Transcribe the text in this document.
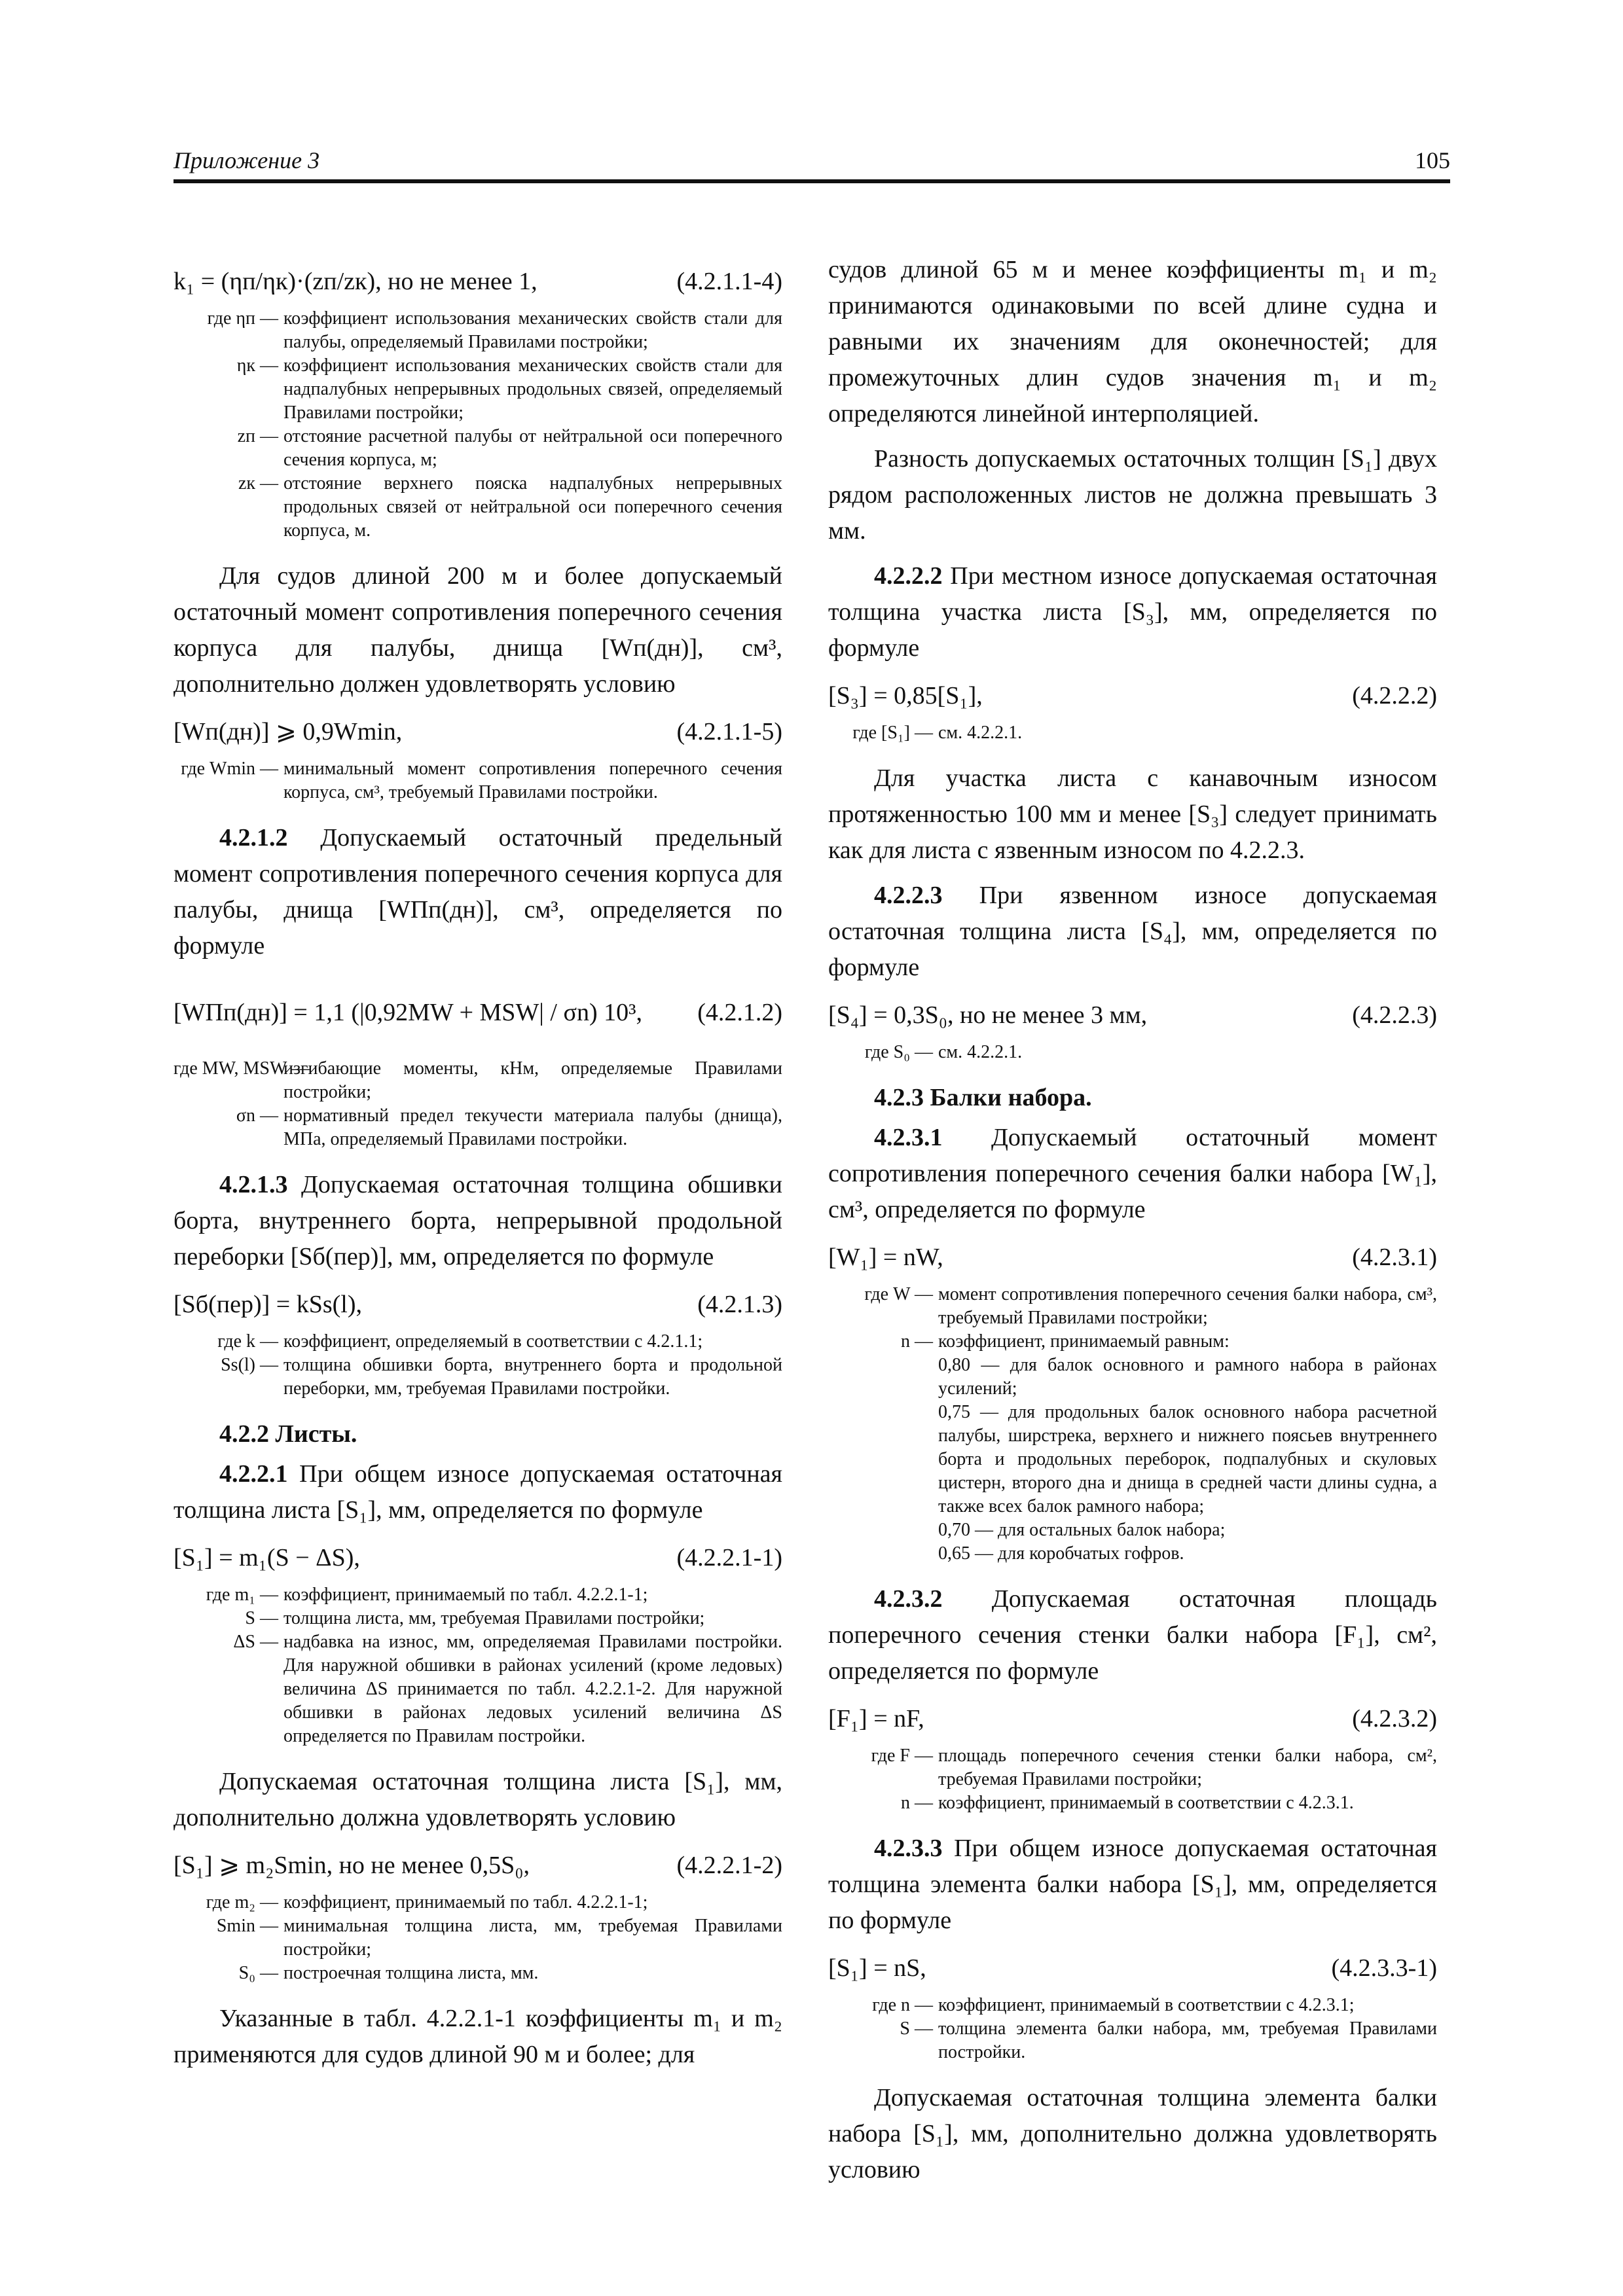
Приложение 3	105
k₁ = (ηп/ηк)·(zп/zк), но не менее 1,	(4.2.1.1-4)
где ηп — коэффициент использования механических свойств стали для палубы, определяемый Правилами постройки;
ηк — коэффициент использования механических свойств стали для надпалубных непрерывных продольных связей, определяемый Правилами постройки;
zп — отстояние расчетной палубы от нейтральной оси поперечного сечения корпуса, м;
zк — отстояние верхнего пояска надпалубных непрерывных продольных связей от нейтральной оси поперечного сечения корпуса, м.

Для судов длиной 200 м и более допускаемый остаточный момент сопротивления поперечного сечения корпуса для палубы, днища [Wп(дн)], см³, дополнительно должен удовлетворять условию

[Wп(дн)] ⩾ 0,9Wmin,	(4.2.1.1-5)
где Wmin — минимальный момент сопротивления поперечного сечения корпуса, см³, требуемый Правилами постройки.

4.2.1.2 Допускаемый остаточный предельный момент сопротивления поперечного сечения корпуса для палубы, днища [WПп(дн)], см³, определяется по формуле

[WПп(дн)] = 1,1 (|0,92MW + MSW| / σn) 10³, (4.2.1.2)
где MW, MSW —
изгибающие моменты, кНм, определяемые Правилами постройки;
σn — нормативный предел текучести материала палубы (днища), МПа, определяемый Правилами постройки.

4.2.1.3 Допускаемая остаточная толщина обшивки борта, внутреннего борта, непрерывной продольной переборки [Sб(пер)], мм, определяется по формуле

[Sб(пер)] = kSs(l),	(4.2.1.3)
где k — коэффициент, определяемый в соответствии с 4.2.1.1;
Ss(l) — толщина обшивки борта, внутреннего борта и продольной переборки, мм, требуемая Правилами постройки.
4.2.2 Листы.

4.2.2.1 При общем износе допускаемая остаточная толщина листа [S₁], мм, определяется по формуле

[S₁] = m₁(S − ΔS),	(4.2.2.1-1)
где m₁ — коэффициент, принимаемый по табл. 4.2.2.1-1;
S — толщина листа, мм, требуемая Правилами постройки;
ΔS — надбавка на износ, мм, определяемая Правилами постройки. Для наружной обшивки в районах усилений (кроме ледовых) величина ΔS принимается по табл. 4.2.2.1-2. Для наружной обшивки в районах ледовых усилений величина ΔS определяется по Правилам постройки.

Допускаемая остаточная толщина листа [S₁], мм, дополнительно должна удовлетворять условию

[S₁] ⩾ m₂Smin, но не менее 0,5S₀,	(4.2.2.1-2)
где m₂ — коэффициент, принимаемый по табл. 4.2.2.1-1;
Smin — минимальная толщина листа, мм, требуемая Правилами постройки;
S₀ — построечная толщина листа, мм.

Указанные в табл. 4.2.2.1-1 коэффициенты m₁ и m₂ применяются для судов длиной 90 м и более; для

судов длиной 65 м и менее коэффициенты m₁ и m₂ принимаются одинаковыми по всей длине судна и равными их значениям для оконечностей; для промежуточных длин судов значения m₁ и m₂ определяются линейной интерполяцией.

Разность допускаемых остаточных толщин [S₁] двух рядом расположенных листов не должна превышать 3 мм.

4.2.2.2 При местном износе допускаемая остаточная толщина участка листа [S₃], мм, определяется по формуле

[S₃] = 0,85[S₁],	(4.2.2.2)
где [S₁] — см. 4.2.2.1.

Для участка листа с канавочным износом протяженностью 100 мм и менее [S₃] следует принимать как для листа с язвенным износом по 4.2.2.3.

4.2.2.3 При язвенном износе допускаемая остаточная толщина листа [S₄], мм, определяется по формуле

[S₄] = 0,3S₀, но не менее 3 мм,	(4.2.2.3)
где S₀ — см. 4.2.2.1.
4.2.3 Балки набора.

4.2.3.1 Допускаемый остаточный момент сопротивления поперечного сечения балки набора [W₁], см³, определяется по формуле

[W₁] = nW,	(4.2.3.1)
где W — момент сопротивления поперечного сечения балки набора, см³, требуемый Правилами постройки;
n — коэффициент, принимаемый равным:
0,80 — для балок основного и рамного набора в районах усилений;
0,75 — для продольных балок основного набора расчетной палубы, ширстрека, верхнего и нижнего поясьев внутреннего борта и продольных переборок, подпалубных и скуловых цистерн, второго дна и днища в средней части длины судна, а также всех балок рамного набора;
0,70 — для остальных балок набора;
0,65 — для коробчатых гофров.

4.2.3.2 Допускаемая остаточная площадь поперечного сечения стенки балки набора [F₁], см², определяется по формуле

[F₁] = nF,	(4.2.3.2)
где F — площадь поперечного сечения стенки балки набора, см², требуемая Правилами постройки;
n — коэффициент, принимаемый в соответствии с 4.2.3.1.

4.2.3.3 При общем износе допускаемая остаточная толщина элемента балки набора [S₁], мм, определяется по формуле

[S₁] = nS,	(4.2.3.3-1)
где n — коэффициент, принимаемый в соответствии с 4.2.3.1;
S — толщина элемента балки набора, мм, требуемая Правилами постройки.

Допускаемая остаточная толщина элемента балки набора [S₁], мм, дополнительно должна удовлетворять условию
